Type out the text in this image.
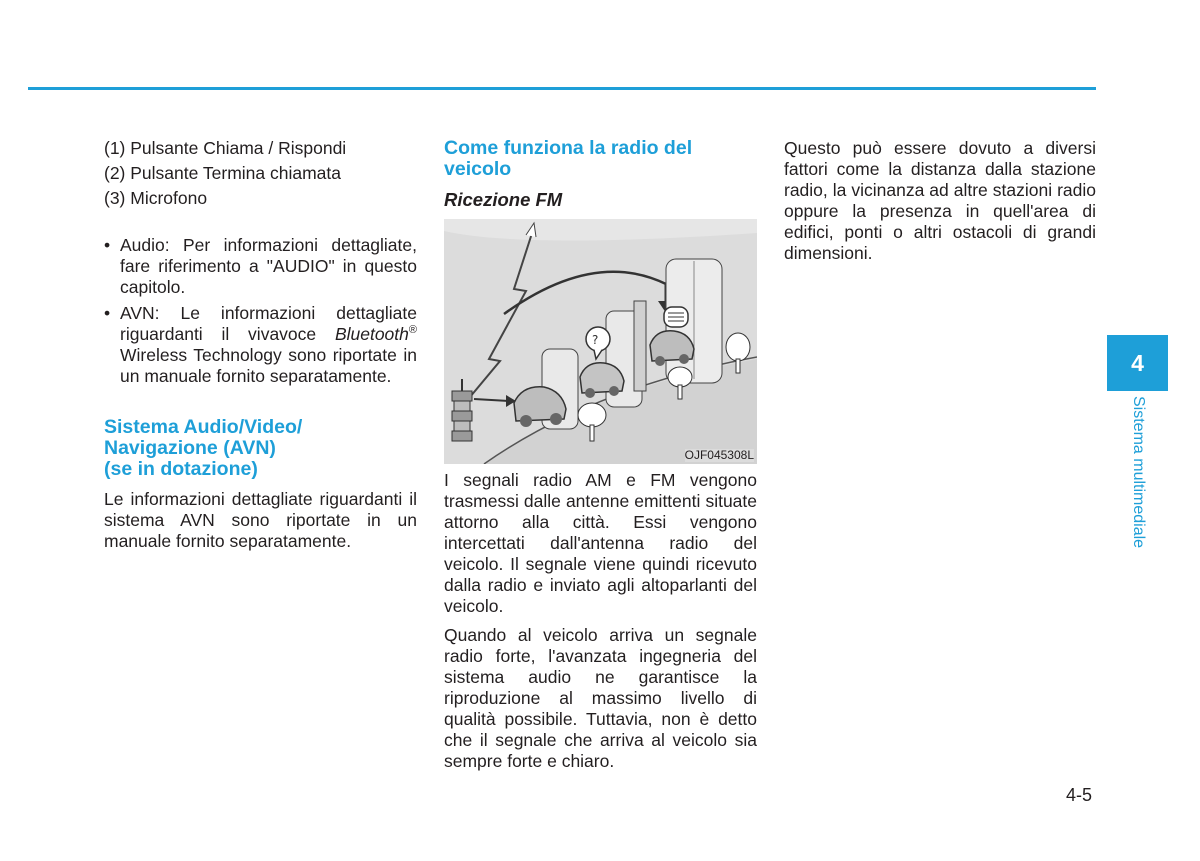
(1) Pulsante Chiama / Rispondi

(2) Pulsante Termina chiamata

(3) Microfono

• Audio: Per informazioni dettagliate, fare riferimento a "AUDIO" in questo capitolo.
• AVN: Le informazioni dettagliate riguardanti il vivavoce Bluetooth® Wireless Technology sono riportate in un manuale fornito separatamente.
Sistema Audio/Video/
Navigazione (AVN)
(se in dotazione)

Le informazioni dettagliate riguardanti il sistema AVN sono riportate in un manuale fornito separatamente.

Come funziona la radio del veicolo
Ricezione FM
?
OJF045308L

I segnali radio AM e FM vengono trasmessi dalle antenne emittenti situate attorno alla città. Essi vengono intercettati dall'antenna radio del veicolo. Il segnale viene quindi ricevuto dalla radio e inviato agli altoparlanti del veicolo.

Quando al veicolo arriva un segnale radio forte, l'avanzata ingegneria del sistema audio ne garantisce la riproduzione al massimo livello di qualità possibile. Tuttavia, non è detto che il segnale che arriva al veicolo sia sempre forte e chiaro.

Questo può essere dovuto a diversi fattori come la distanza dalla stazione radio, la vicinanza ad altre stazioni radio oppure la presenza in quell'area di edifici, ponti o altri ostacoli di grandi dimensioni.

4
Sistema multimediale
4-5
